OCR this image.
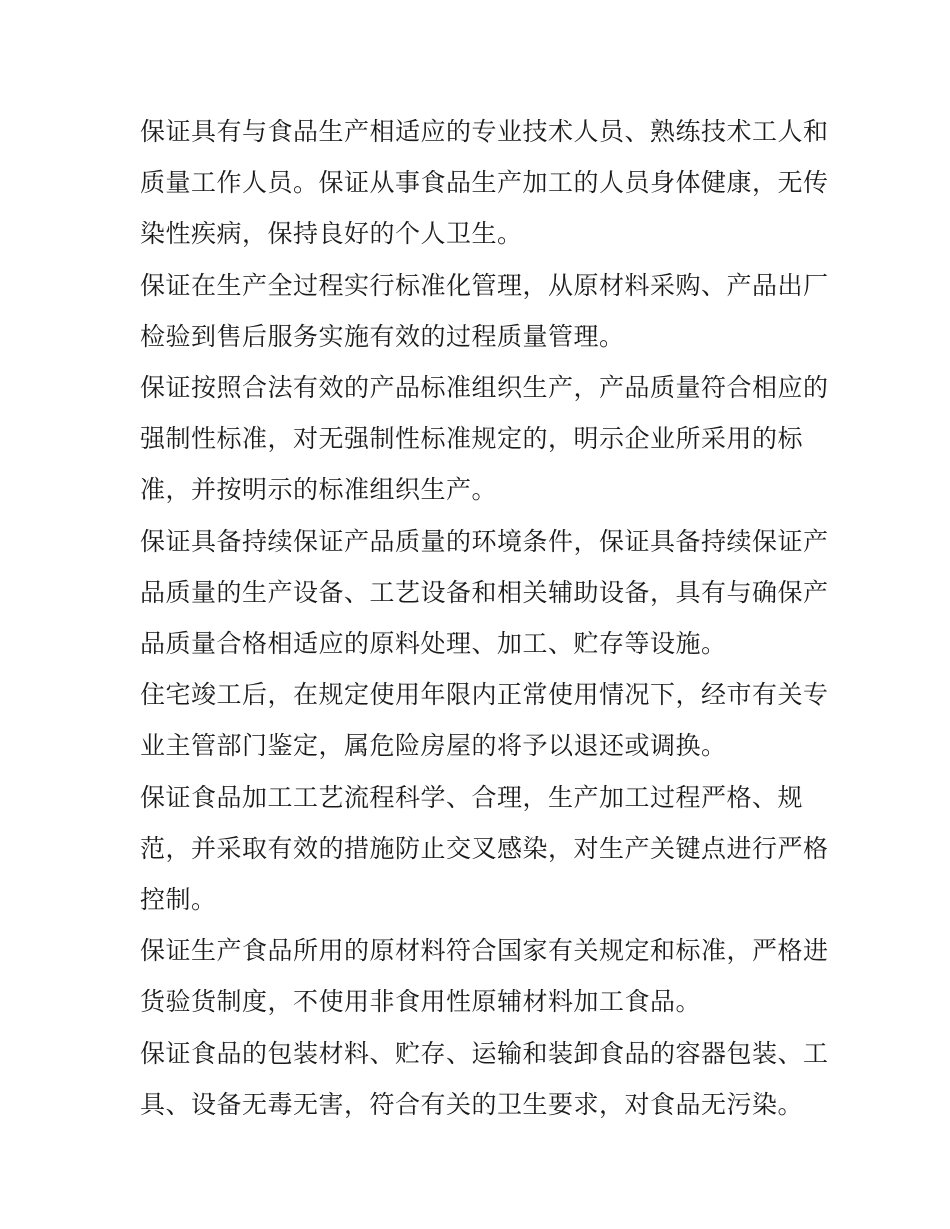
保证具有与食品生产相适应的专业技术人员、熟练技术工人和
质量工作人员。保证从事食品生产加工的人员身体健康，无传
染性疾病，保持良好的个人卫生。

保证在生产全过程实行标准化管理，从原材料采购、产品出厂
检验到售后服务实施有效的过程质量管理。

保证按照合法有效的产品标准组织生产，产品质量符合相应的
强制性标准，对无强制性标准规定的，明示企业所采用的标
准，并按明示的标准组织生产。

保证具备持续保证产品质量的环境条件，保证具备持续保证产
品质量的生产设备、工艺设备和相关辅助设备，具有与确保产
品质量合格相适应的原料处理、加工、贮存等设施。

住宅竣工后，在规定使用年限内正常使用情况下，经市有关专
业主管部门鉴定，属危险房屋的将予以退还或调换。

保证食品加工工艺流程科学、合理，生产加工过程严格、规
范，并采取有效的措施防止交叉感染，对生产关键点进行严格
控制。

保证生产食品所用的原材料符合国家有关规定和标准，严格进
货验货制度，不使用非食用性原辅材料加工食品。

保证食品的包装材料、贮存、运输和装卸食品的容器包装、工
具、设备无毒无害，符合有关的卫生要求，对食品无污染。
